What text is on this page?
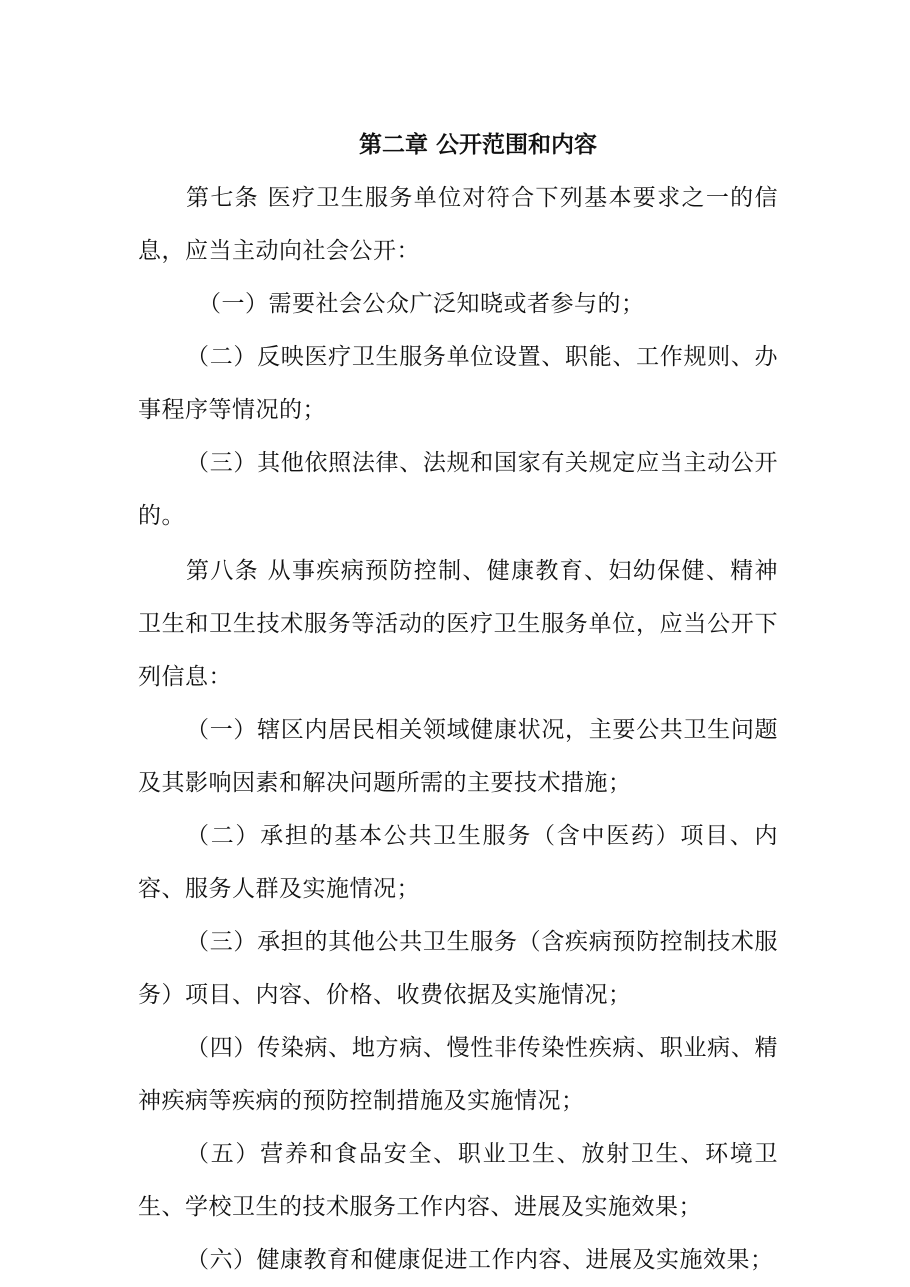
第二章 公开范围和内容

第七条 医疗卫生服务单位对符合下列基本要求之一的信息，应当主动向社会公开：

（一）需要社会公众广泛知晓或者参与的；

（二）反映医疗卫生服务单位设置、职能、工作规则、办事程序等情况的；

（三）其他依照法律、法规和国家有关规定应当主动公开的。

第八条 从事疾病预防控制、健康教育、妇幼保健、精神卫生和卫生技术服务等活动的医疗卫生服务单位，应当公开下列信息：

（一）辖区内居民相关领域健康状况，主要公共卫生问题及其影响因素和解决问题所需的主要技术措施；

（二）承担的基本公共卫生服务（含中医药）项目、内容、服务人群及实施情况；

（三）承担的其他公共卫生服务（含疾病预防控制技术服务）项目、内容、价格、收费依据及实施情况；

（四）传染病、地方病、慢性非传染性疾病、职业病、精神疾病等疾病的预防控制措施及实施情况；

（五）营养和食品安全、职业卫生、放射卫生、环境卫生、学校卫生的技术服务工作内容、进展及实施效果；

（六）健康教育和健康促进工作内容、进展及实施效果；
